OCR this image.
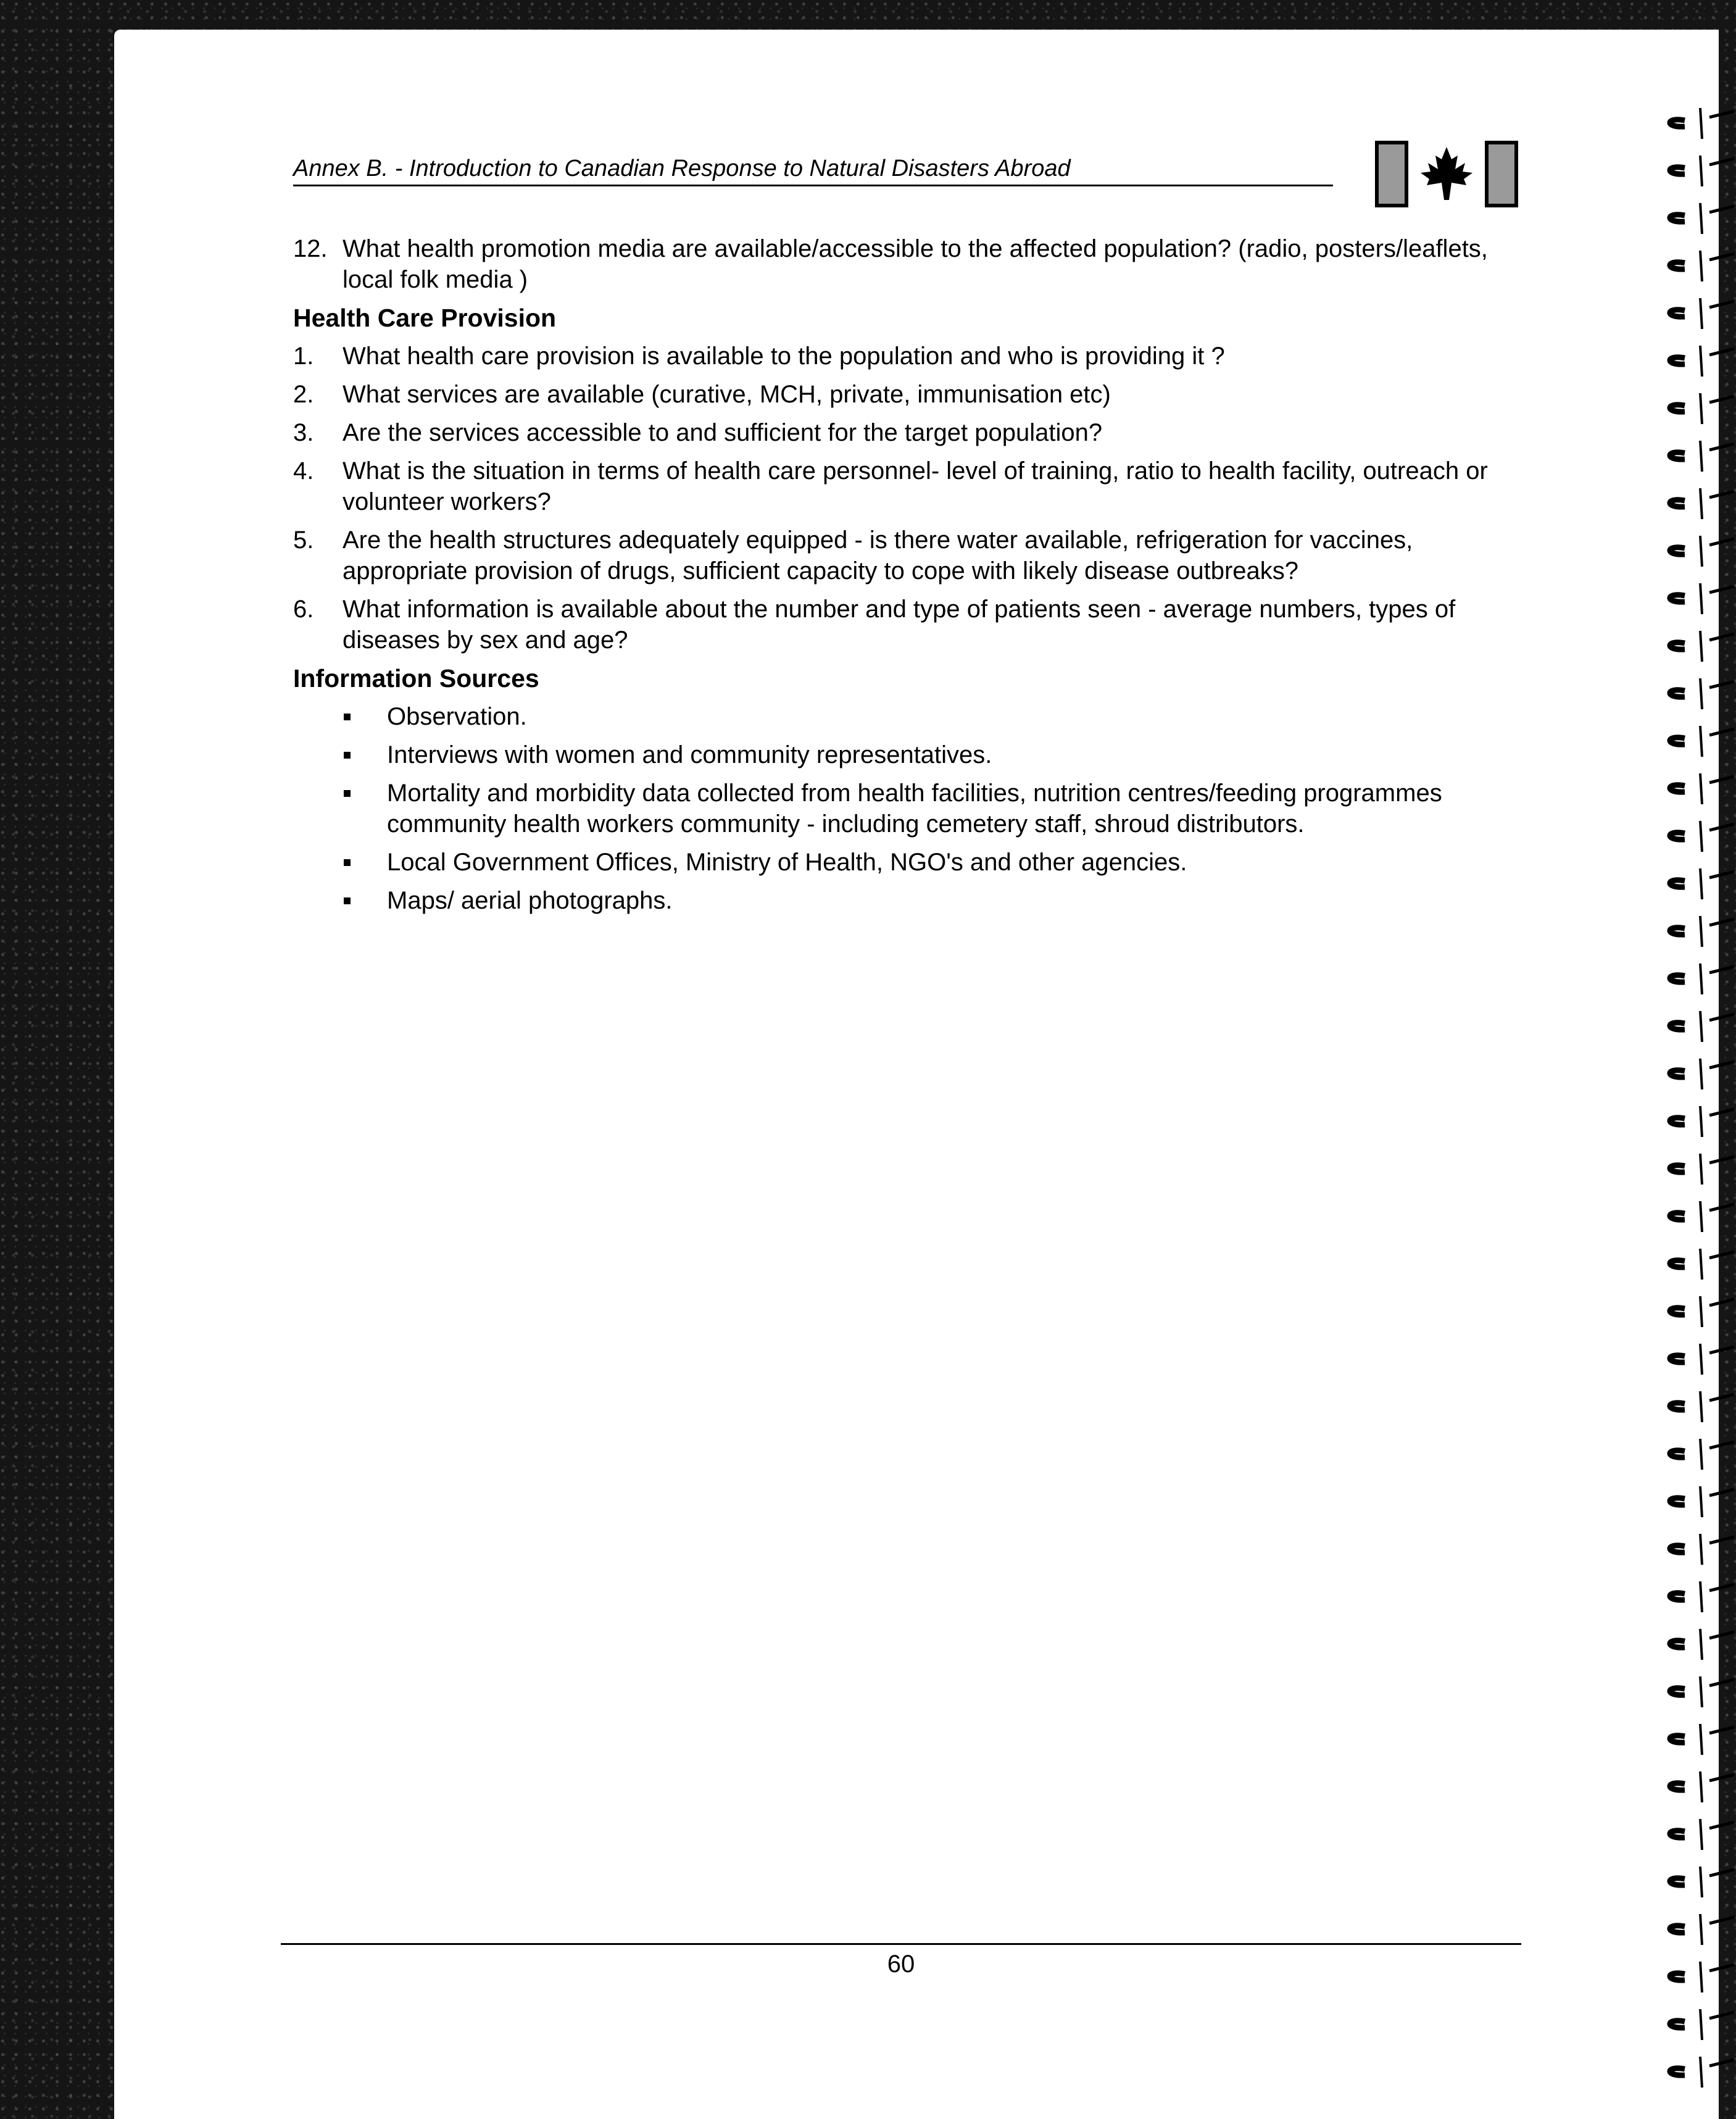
Annex B. - Introduction to Canadian Response to Natural Disasters Abroad
12. What health promotion media are available/accessible to the affected population? (radio, posters/leaflets, local folk media )
Health Care Provision
1. What health care provision is available to the population and who is providing it ?
2. What services are available (curative, MCH, private, immunisation etc)
3. Are the services accessible to and sufficient for the target population?
4. What is the situation in terms of health care personnel- level of training, ratio to health facility, outreach or volunteer workers?
5. Are the health structures adequately equipped - is there water available, refrigeration for vaccines, appropriate provision of drugs, sufficient capacity to cope with likely disease outbreaks?
6. What information is available about the number and type of patients seen - average numbers, types of diseases by sex and age?
Information Sources
Observation.
Interviews with women and community representatives.
Mortality and morbidity data collected from health facilities, nutrition centres/feeding programmes community health workers community - including cemetery staff, shroud distributors.
Local Government Offices, Ministry of Health, NGO's and other agencies.
Maps/ aerial photographs.
60
